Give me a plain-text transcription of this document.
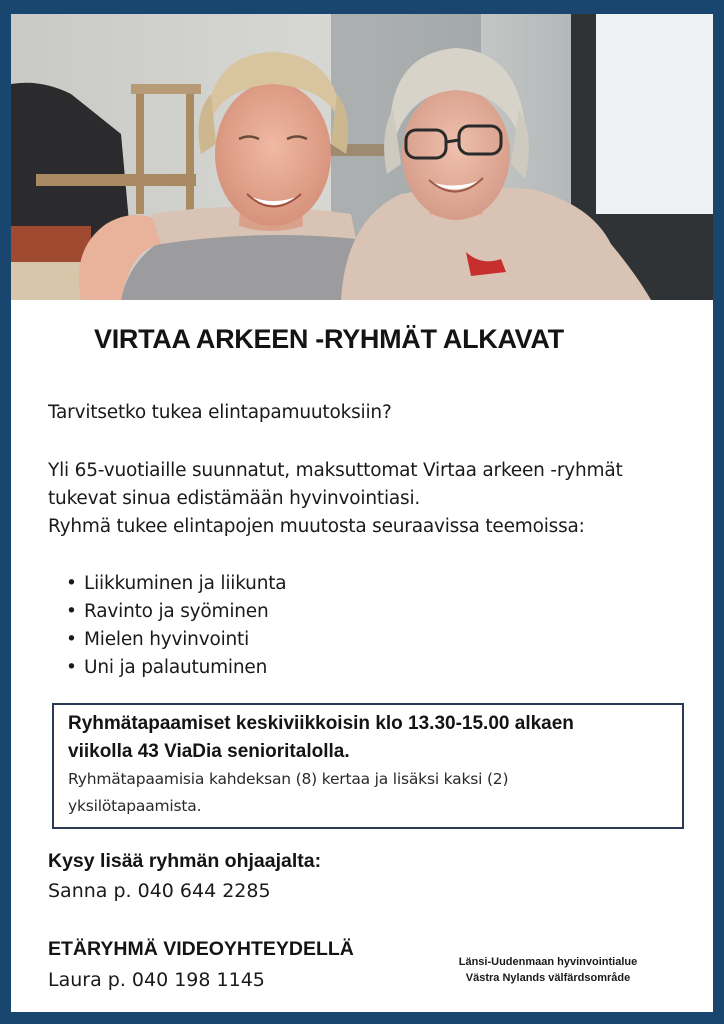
VIRTAA ARKEEN -RYHMÄT ALKAVAT

Tarvitsetko tukea elintapamuutoksiin?

Yli 65-vuotiaille suunnatut, maksuttomat Virtaa arkeen -ryhmät

tukevat sinua edistämään hyvinvointiasi.

Ryhmä tukee elintapojen muutosta seuraavissa teemoissa:

• Liikkuminen ja liikunta
• Ravinto ja syöminen
• Mielen hyvinvointi
• Uni ja palautuminen

Ryhmätapaamiset keskiviikkoisin klo 13.30-15.00 alkaen

viikolla 43 ViaDia senioritalolla.

Ryhmätapaamisia kahdeksan (8) kertaa ja lisäksi kaksi (2)

yksilötapaamista.

Kysy lisää ryhmän ohjaajalta:

Sanna p. 040 644 2285

ETÄRYHMÄ VIDEOYHTEYDELLÄ

Laura p. 040 198 1145

Länsi-Uudenmaan hyvinvointialue
Västra Nylands välfärdsområde
